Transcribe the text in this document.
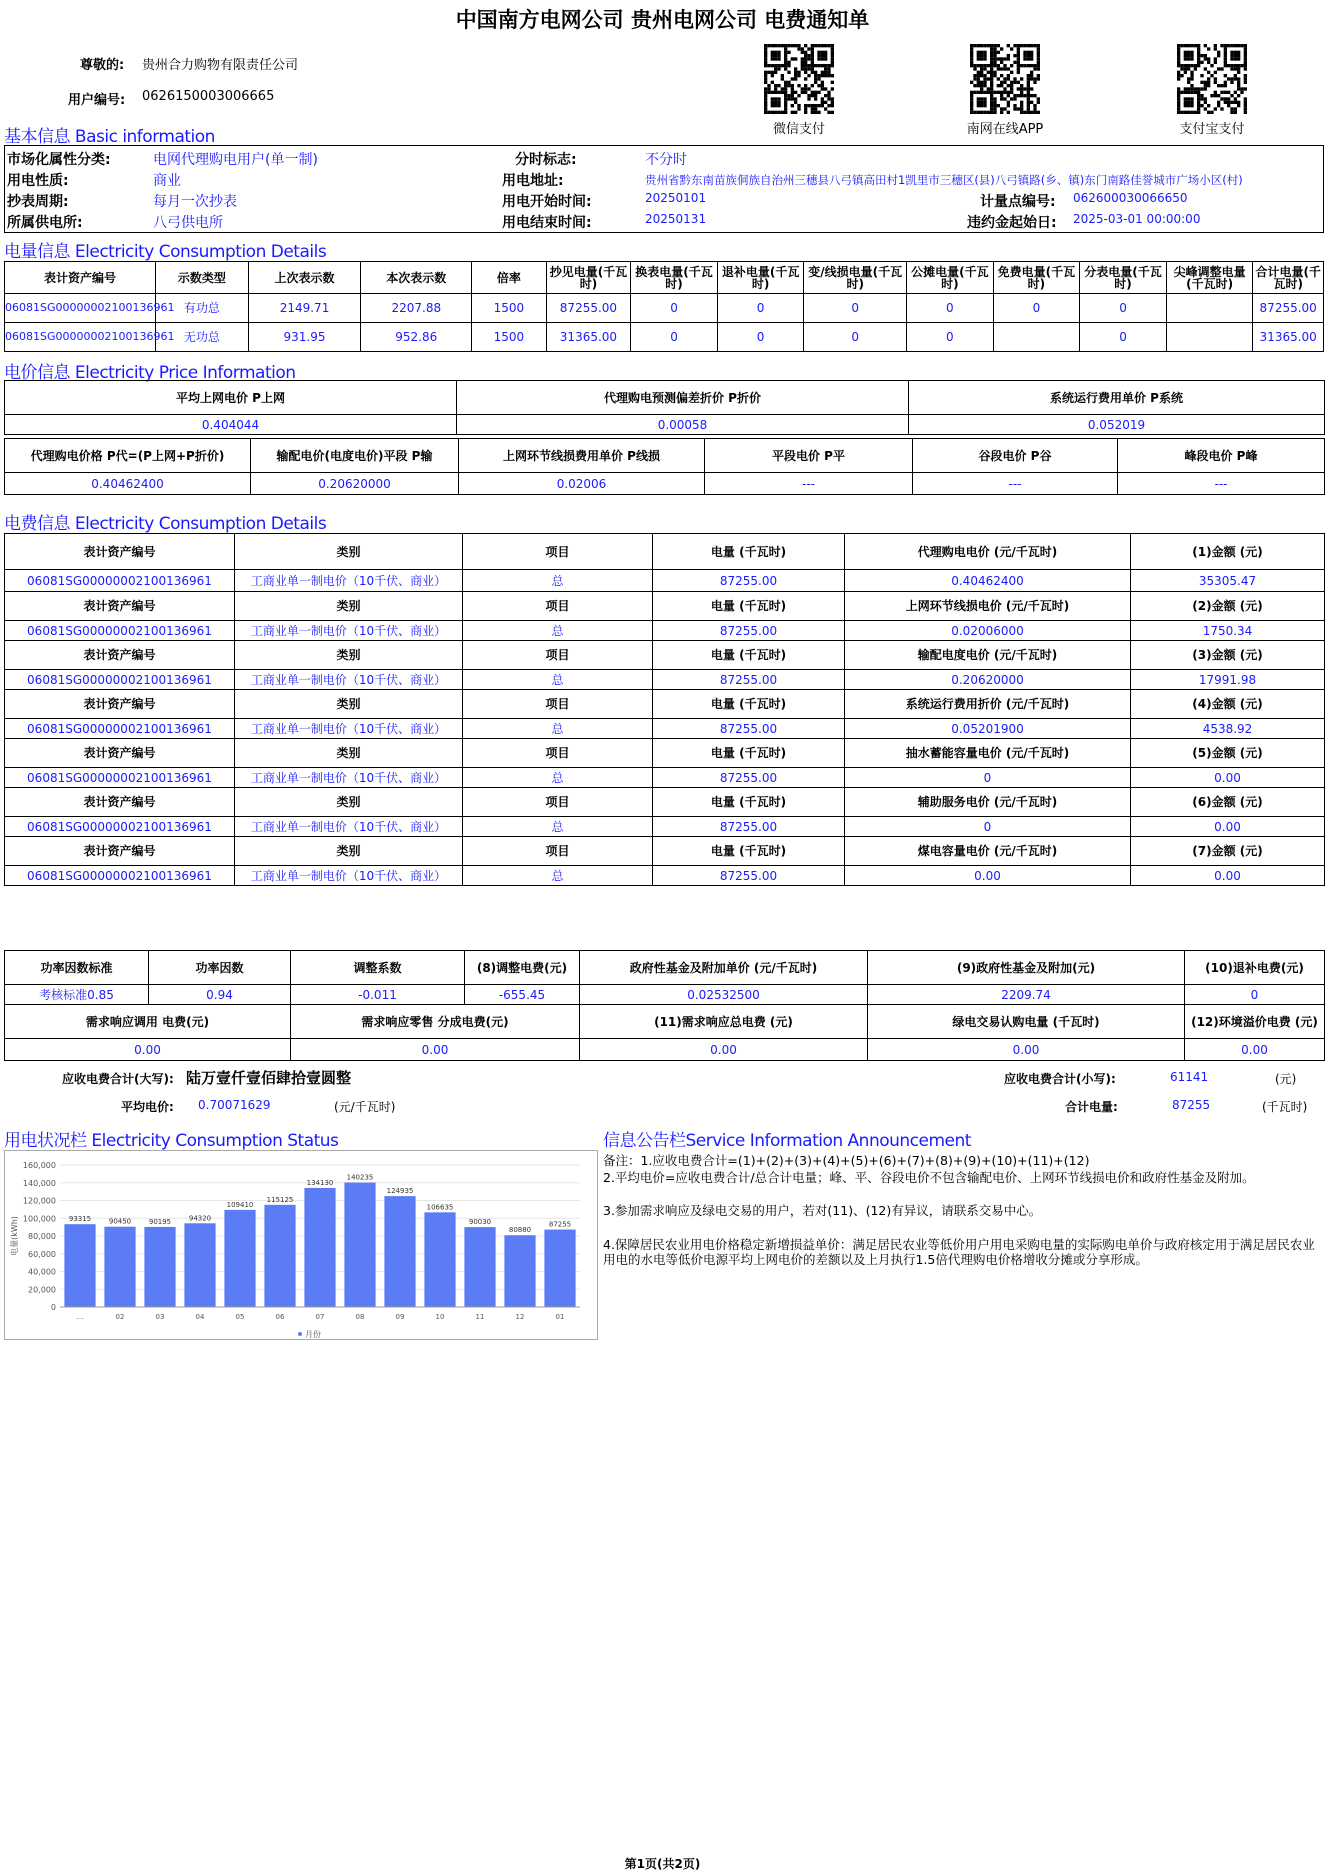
中国南方电网公司 贵州电网公司 电费通知单
尊敬的: 贵州合力购物有限责任公司
用户编号: 0626150003006665
微信支付	南网在线APP	支付宝支付
基本信息 Basic information
市场化属性分类:	电网代理购电用户(单一制)	分时标志:	不分时
用电性质:	商业	用电地址:	贵州省黔东南苗族侗族自治州三穗县八弓镇高田村1凯里市三穗区(县)八弓镇路(乡、镇)东门南路佳誉城市广场小区(村)
抄表周期:	每月一次抄表	用电开始时间:	20250101	计量点编号: 062600030066650
所属供电所:	八弓供电所	用电结束时间:	20250131	违约金起始日: 2025-03-01 00:00:00
电量信息 Electricity Consumption Details
表计资产编号	示数类型	上次表示数	本次表示数	倍率	抄见电量(千瓦时)	换表电量(千瓦时)	退补电量(千瓦时)	变/线损电量(千瓦时)	公摊电量(千瓦时)	免费电量(千瓦时)	分表电量(千瓦时)	尖峰调整电量(千瓦时)	合计电量(千瓦时)
06081SG00000002100136961	有功总	2149.71	2207.88	1500	87255.00	0	0	0	0	0	0		87255.00
06081SG00000002100136961	无功总	931.95	952.86	1500	31365.00	0	0	0	0		0		31365.00
电价信息 Electricity Price Information
平均上网电价 P上网	代理购电预测偏差折价 P折价	系统运行费用单价 P系统
0.404044	0.00058	0.052019
代理购电价格 P代=(P上网+P折价)	输配电价(电度电价)平段 P输	上网环节线损费用单价 P线损	平段电价 P平	谷段电价 P谷	峰段电价 P峰
0.40462400	0.20620000	0.02006	---	---	---
电费信息 Electricity Consumption Details
表计资产编号	类别	项目	电量 (千瓦时)	代理购电电价 (元/千瓦时)	(1)金额 (元)
06081SG00000002100136961	工商业单一制电价（10千伏、商业）	总	87255.00	0.40462400	35305.47
表计资产编号	类别	项目	电量 (千瓦时)	上网环节线损电价 (元/千瓦时)	(2)金额 (元)
06081SG00000002100136961	工商业单一制电价（10千伏、商业）	总	87255.00	0.02006000	1750.34
表计资产编号	类别	项目	电量 (千瓦时)	输配电度电价 (元/千瓦时)	(3)金额 (元)
06081SG00000002100136961	工商业单一制电价（10千伏、商业）	总	87255.00	0.20620000	17991.98
表计资产编号	类别	项目	电量 (千瓦时)	系统运行费用折价 (元/千瓦时)	(4)金额 (元)
06081SG00000002100136961	工商业单一制电价（10千伏、商业）	总	87255.00	0.05201900	4538.92
表计资产编号	类别	项目	电量 (千瓦时)	抽水蓄能容量电价 (元/千瓦时)	(5)金额 (元)
06081SG00000002100136961	工商业单一制电价（10千伏、商业）	总	87255.00	0	0.00
表计资产编号	类别	项目	电量 (千瓦时)	辅助服务电价 (元/千瓦时)	(6)金额 (元)
06081SG00000002100136961	工商业单一制电价（10千伏、商业）	总	87255.00	0	0.00
表计资产编号	类别	项目	电量 (千瓦时)	煤电容量电价 (元/千瓦时)	(7)金额 (元)
06081SG00000002100136961	工商业单一制电价（10千伏、商业）	总	87255.00	0.00	0.00
功率因数标准	功率因数	调整系数	(8)调整电费(元)	政府性基金及附加单价 (元/千瓦时)	(9)政府性基金及附加(元)	(10)退补电费(元)
考核标准0.85	0.94	-0.011	-655.45	0.02532500	2209.74	0
需求响应调用 电费(元)	需求响应零售 分成电费(元)	(11)需求响应总电费 (元)	绿电交易认购电量 (千瓦时)	(12)环境溢价电费 (元)
0.00	0.00	0.00	0.00	0.00
应收电费合计(大写): 陆万壹仟壹佰肆拾壹圆整	应收电费合计(小写):	61141	(元)
平均电价: 0.70071629	(元/千瓦时)	合计电量:	87255	(千瓦时)
用电状况栏 Electricity Consumption Status	信息公告栏Service Information Announcement
0
20,000
40,000
60,000
80,000
100,000
120,000
140,000
160,000
电量(kWh)	93315
...
90450
02
90195
03
94320
04
109410
05
115125
06
134130
07
140235
08
124935
09
106635
10
90030
11
80880
12
87255
01
月份
备注：1.应收电费合计=(1)+(2)+(3)+(4)+(5)+(6)+(7)+(8)+(9)+(10)+(11)+(12)
2.平均电价=应收电费合计/总合计电量；峰、平、谷段电价不包含输配电价、上网环节线损电价和政府性基金及附加。
3.参加需求响应及绿电交易的用户，若对(11)、(12)有异议，请联系交易中心。
4.保障居民农业用电价格稳定新增损益单价：满足居民农业等低价用户用电采购电量的实际购电单价与政府核定用于满足居民农业用电的水电等低价电源平均上网电价的差额以及上月执行1.5倍代理购电价格增收分摊或分享形成。
第1页(共2页)
